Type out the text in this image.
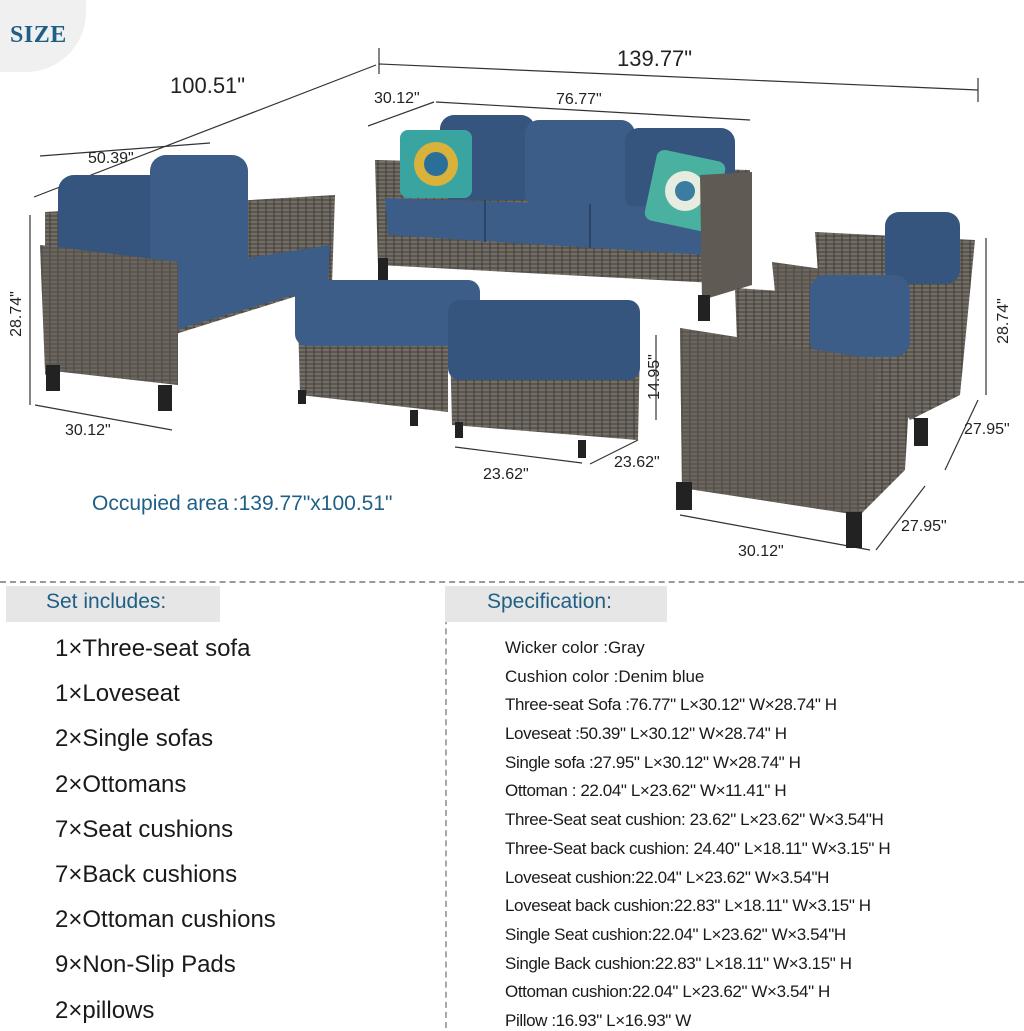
SIZE
100.51"
139.77"
30.12"	76.77"
50.39"
28.74"
30.12"
14.95"
23.62"
23.62"
28.74"
27.95"
27.95"
30.12"
Occupied area :139.77"x100.51"
Set includes:
1×Three-seat sofa
1×Loveseat
2×Single sofas
2×Ottomans
7×Seat cushions
7×Back cushions
2×Ottoman cushions
9×Non-Slip Pads
2×pillows
Specification:
Wicker color :Gray
Cushion color :Denim blue
Three-seat Sofa :76.77" L×30.12" W×28.74" H
Loveseat :50.39" L×30.12" W×28.74" H
Single sofa :27.95" L×30.12" W×28.74" H
Ottoman : 22.04" L×23.62" W×11.41" H
Three-Seat seat cushion: 23.62" L×23.62" W×3.54"H
Three-Seat back cushion: 24.40" L×18.11" W×3.15" H
Loveseat cushion:22.04" L×23.62" W×3.54"H
Loveseat back cushion:22.83" L×18.11" W×3.15" H
Single Seat cushion:22.04" L×23.62" W×3.54"H
Single Back cushion:22.83" L×18.11" W×3.15" H
Ottoman cushion:22.04" L×23.62" W×3.54" H
Pillow :16.93" L×16.93" W
